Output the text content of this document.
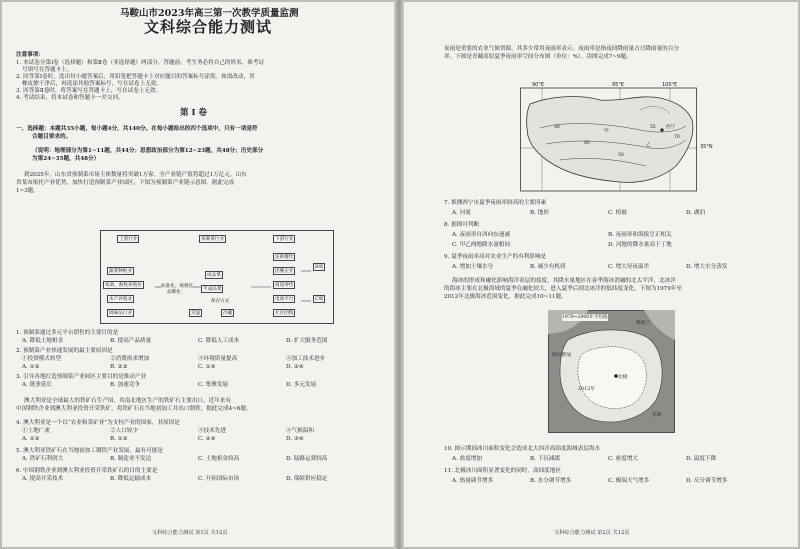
马鞍山市2023年高三第一次教学质量监测
文科综合能力测试
注意事项：
1. 本试卷分第Ⅰ卷（选择题）和第Ⅱ卷（非选择题）两部分。答题前，考生务必将自己的姓名、准考证
号填写在答题卡上。
2. 回答第Ⅰ卷时，选出每小题答案后，用铅笔把答题卡上对应题目的答案标号涂黑。如需改动，用
橡皮擦干净后，再选涂其他答案标号，写在试卷上无效。
3. 回答第Ⅱ卷时，将答案写在答题卡上，写在试卷上无效。
4. 考试结束，将本试卷和答题卡一并交回。
第 Ⅰ 卷
一、选择题：本题共35小题，每小题4分，共140分。在每小题给出的四个选项中，只有一项是符
合题目要求的。
（说明：地理部分为第1~11题，共44分；思想政治部分为第12~23题，共48分；历史部分
为第24~35题，共48分）
到2025年，山东省预制菜市场主体数量将突破1万家。全产业链产值将超过1万亿元。山东
省某市依托产业优势，加快打造预制菜产业园区，下图为预制菜产业链示意图。据此完成
1~3题。
上游行业	预制菜行业	下游行业
蔬菜种植业
家禽、畜牧养殖业
水产养殖业
调味品行业
标准化、规模化、
品牌化
成品菜
半成品菜
保存方式
常温	冷藏
连锁餐饮
团餐企业
商超零售
电商平台
社区团购
B端
C端
1. 预制菜通过多元平台销售的主要目的是
A. 降低土地租金	B. 提高产品质量	C. 降低人工成本	D. 扩大服务范围
2. 预制菜产业快速发展的最主要原因是
①投资模式转型	②消费需求增加	③环境质量提高	④加工技术进步
A. ①②	B. ②③	C. ①④	D. ②④
3. 引导各地打造预制菜产业园区主要目的是推动产业
A. 链条延长	B. 加速竞争	C. 集聚发展	D. 多元发展
澳大利亚是全球最大的铁矿石生产国，其南北地区生产的铁矿石主要出口，近年来有
中国钢铁企业到澳大利亚投资开采铁矿，将铁矿石在当地初加工并出口钢铁。据此完成4~6题。
4. 澳大利亚是一个以“农业和采矿业”为支柱产业的国家，其原因是
①土地广袤	②人口较少	③技术先进	④气候温和
A. ①②	B. ①③	C. ②④	D. ③④
5. 澳大利亚铁矿石在当地初加工钢铁产业发展，最有可能是
A. 铁矿石利润大	B. 制造业不发达	C. 土地租金较高	D. 陆路运费较高
6. 中国钢铁企业到澳大利亚投资开采铁矿石的目的主要是
A. 提高开采技术	B. 降低运输成本	C. 开拓国际市场	D. 保障供应稳定
文科综合能力测试 第1页 共12页
夜雨是重要的农业气候资源，其多少常用夜雨率表示。夜雨率是指夜间降雨量占日降雨量的百分
率。下图是青藏高原夏季夜雨率空间分布图（单位：%）。读图完成7~9题。
90°E	95°E	100°E
35°N
30
40
50
55
70
西宁
甲
乙
7. 推测西宁市夏季夜雨率较高的主要因素
A. 河流	B. 地形	C. 植被	D. 湖泊
8. 据图可判断
A. 夜雨率自西向东递减	B. 夜雨率和海拔呈正相关
C. 甲乙两地降水量相同	D. 河地的降水量高于丁地
9. 夏季夜雨率高对农业生产的有利影响是
A. 增加土壤水分	B. 减少有机质	C. 增大昼夜温差	D. 增大水分蒸发
海冰的形成和融化影响海洋表层的盐度，其降水量地区在春季海冰消融的北太平洋，北冰洋
的海冰主要在北极海域的夏季在融化较大，进入夏季后到北冰洋的低纬度变化，下图为1979年至
2012年北极海冰范围变化。据此完成10~11题。
1979~2000年平均值
2012年
北极
格陵兰
阿拉斯加
亚洲
10. 图示期间冰川面积变化会造成北大西洋高纬度海域表层海水
A. 盐度增加	B. 下沉减缓	C. 密度增大	D. 温度下降
11. 北极冰川面积显著变化的同时，高纬度地区
A. 热量调节增多	B. 水分调节增多	C. 极端天气增多	D. 反分调节增多
文科综合能力测试 第2页 共12页
